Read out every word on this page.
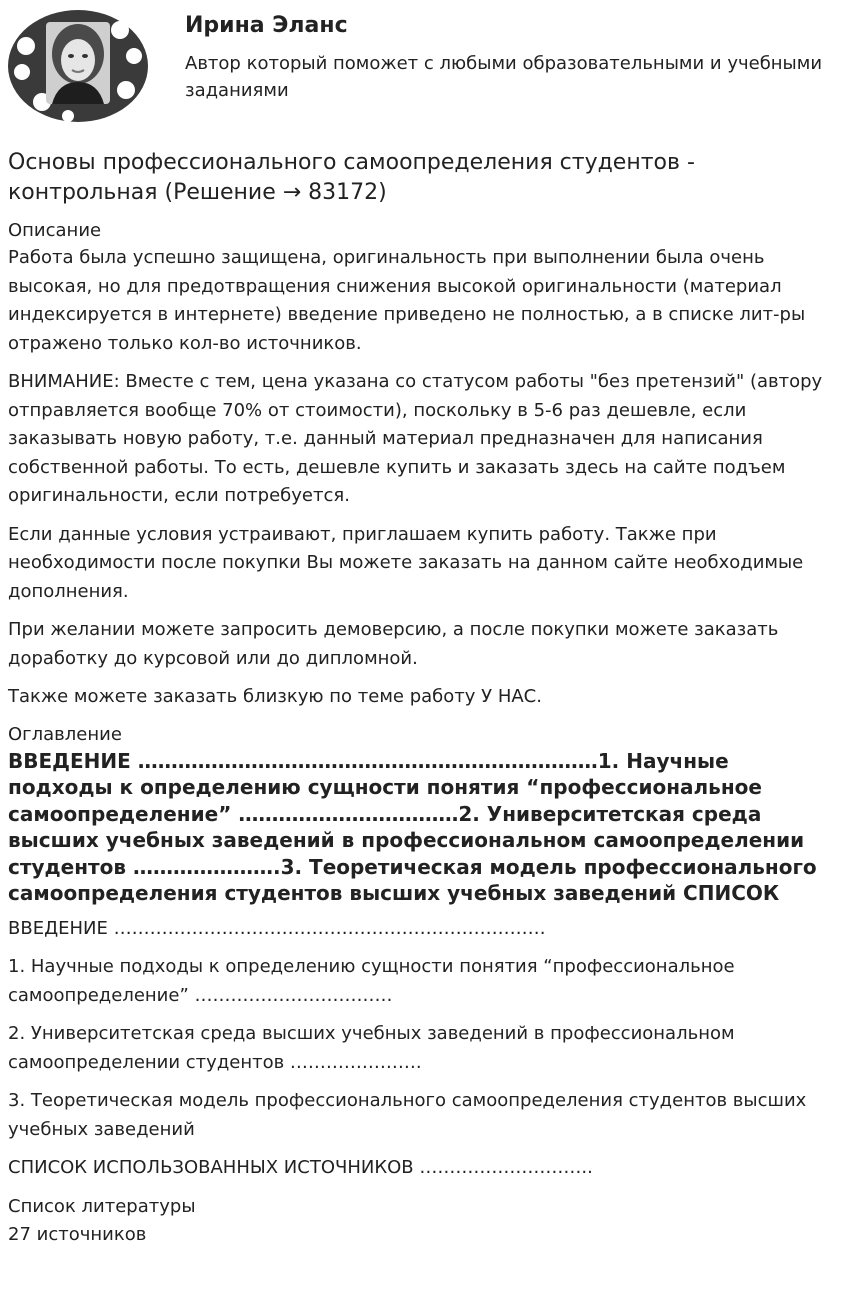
Ирина Эланс
Автор который поможет с любыми образовательными и учебными заданиями
Основы профессионального самоопределения студентов - контрольная (Решение → 83172)
Описание

Работа была успешно защищена, оригинальность при выполнении была очень высокая, но для предотвращения снижения высокой оригинальности (материал индексируется в интернете) введение приведено не полностью, а в списке лит-ры отражено только кол-во источников.

ВНИМАНИЕ: Вместе с тем, цена указана со статусом работы "без претензий" (автору отправляется вообще 70% от стоимости), поскольку в 5-6 раз дешевле, если заказывать новую работу, т.е. данный материал предназначен для написания собственной работы. То есть, дешевле купить и заказать здесь на сайте подъем оригинальности, если потребуется.

Если данные условия устраивают, приглашаем купить работу. Также при необходимости после покупки Вы можете заказать на данном сайте необходимые дополнения.

При желании можете запросить демоверсию, а после покупки можете заказать доработку до курсовой или до дипломной.

Также можете заказать близкую по теме работу У НАС.

Оглавление
ВВЕДЕНИЕ ……………………………………………………………1. Научные подходы к определению сущности понятия “профессиональное самоопределение” ……………………………2. Университетская среда высших учебных заведений в профессиональном самоопределении студентов ………………….3. Теоретическая модель профессионального самоопределения студентов высших учебных заведений СПИСОК

ВВЕДЕНИЕ ………………………………………………………………

1. Научные подходы к определению сущности понятия “профессиональное самоопределение” ……………………………

2. Университетская среда высших учебных заведений в профессиональном самоопределении студентов ………………….

3. Теоретическая модель профессионального самоопределения студентов высших учебных заведений

СПИСОК ИСПОЛЬЗОВАННЫХ ИСТОЧНИКОВ ………………………..

Список литературы
27 источников
